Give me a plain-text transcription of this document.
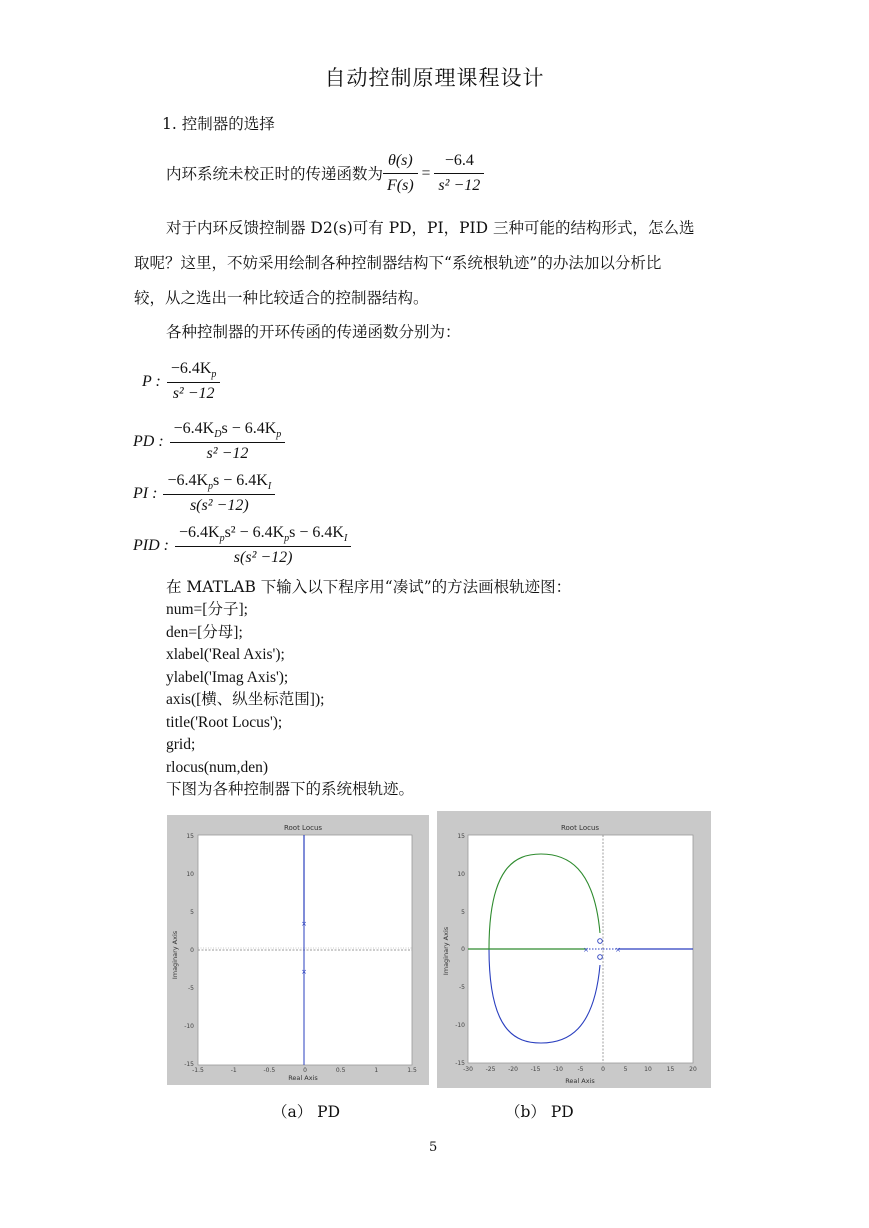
自动控制原理课程设计
1. 控制器的选择
内环系统未校正时的传递函数为 $\frac{\theta(s)}{F(s)} = \frac{-6.4}{\text{s² −12}}$
对于内环反馈控制器 D2(s)可有 PD，PI，PID 三种可能的结构形式，怎么选
取呢？这里，不妨采用绘制各种控制器结构下“系统根轨迹”的办法加以分析比
较，从之选出一种比较适合的控制器结构。
各种控制器的开环传函的传递函数分别为：
P : $\frac{-6.4K_p}{\text{s² −12}}$
PD : $\frac{-6.4K_Ds - 6.4K_p}{\text{s² −12}}$
PI : $\frac{-6.4K_ps - 6.4K_I}{\text{s(s² −12)}}$
PID : $\frac{-6.4K_ps^2 - 6.4K_ps - 6.4K_I}{\text{s(s² −12)}}$
在 MATLAB 下输入以下程序用“凑试”的方法画根轨迹图：
num=[分子];
den=[分母];
xlabel('Real Axis');
ylabel('Imag Axis');
axis([横、纵坐标范围]);
title('Root Locus');
grid;
rlocus(num,den)
下图为各种控制器下的系统根轨迹。
Root Locus
Real Axis
Imaginary Axis
15
10
5
0
-5
-10
-15
-1.5	-1	-0.5	0	0.5	1	1.5
×
×
Root Locus
Real Axis
Imaginary Axis
15
10
5
0
-5
-10
-15
-30 -25 -20 -15 -10 -5	0	5	10 15 20
×	×
（a） PD	（b） PD
5
